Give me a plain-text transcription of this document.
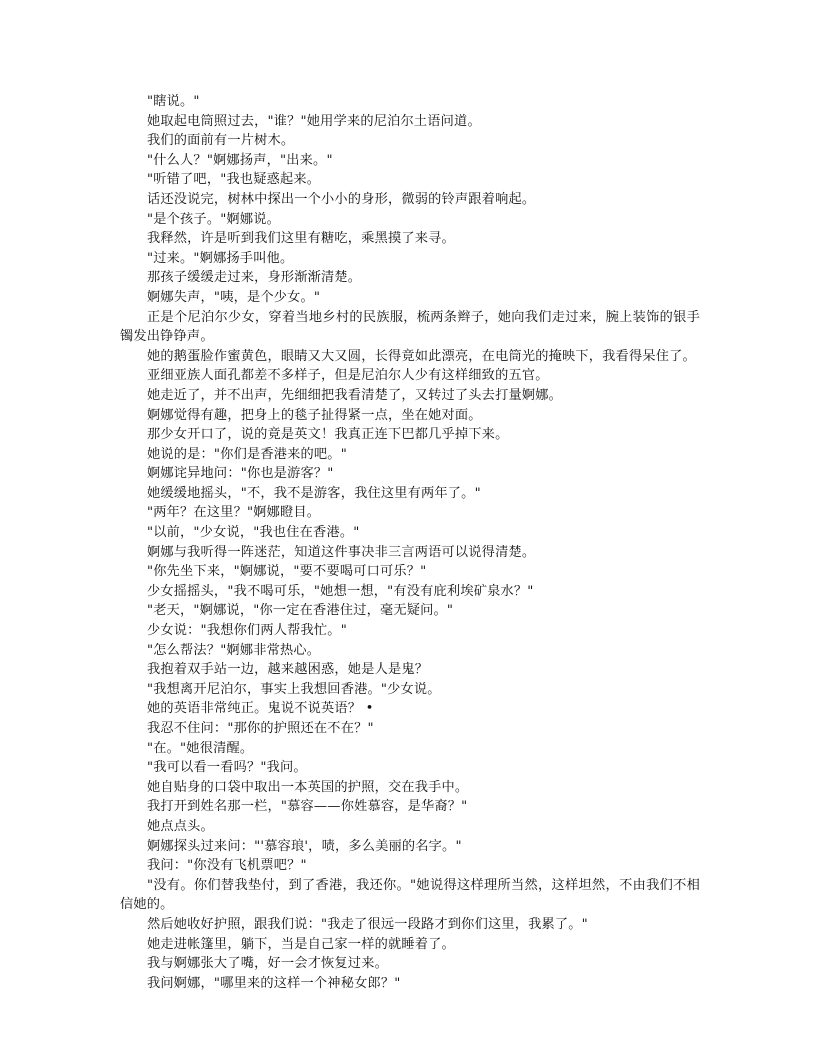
"瞎说。"

她取起电筒照过去，"谁？"她用学来的尼泊尔土语问道。

我们的面前有一片树木。

"什么人？"婀娜扬声，"出来。"

"听错了吧，"我也疑惑起来。

话还没说完，树林中探出一个小小的身形，微弱的铃声跟着响起。

"是个孩子。"婀娜说。

我释然，许是听到我们这里有糖吃，乘黑摸了来寻。

"过来。"婀娜扬手叫他。

那孩子缓缓走过来，身形渐渐清楚。

婀娜失声，"咦，是个少女。"

正是个尼泊尔少女，穿着当地乡村的民族服，梳两条辫子，她向我们走过来，腕上装饰的银手镯发出铮铮声。

她的鹅蛋脸作蜜黄色，眼睛又大又圆，长得竟如此漂亮，在电筒光的掩映下，我看得呆住了。

亚细亚族人面孔都差不多样子，但是尼泊尔人少有这样细致的五官。

她走近了，并不出声，先细细把我看清楚了，又转过了头去打量婀娜。

婀娜觉得有趣，把身上的毯子扯得紧一点，坐在她对面。

那少女开口了，说的竟是英文！我真正连下巴都几乎掉下来。

她说的是："你们是香港来的吧。"

婀娜诧异地问："你也是游客？"

她缓缓地摇头，"不，我不是游客，我住这里有两年了。"

"两年？在这里？"婀娜瞪目。

"以前，"少女说，"我也住在香港。"

婀娜与我听得一阵迷茫，知道这件事决非三言两语可以说得清楚。

"你先坐下来，"婀娜说，"要不要喝可口可乐？"

少女摇摇头，"我不喝可乐，"她想一想，"有没有庇利埃矿泉水？"

"老天，"婀娜说，"你一定在香港住过，毫无疑问。"

少女说："我想你们两人帮我忙。"

"怎么帮法？"婀娜非常热心。

我抱着双手站一边，越来越困惑，她是人是鬼？

"我想离开尼泊尔，事实上我想回香港。"少女说。

她的英语非常纯正。鬼说不说英语？ •

我忍不住问："那你的护照还在不在？"

"在。"她很清醒。

"我可以看一看吗？"我问。

她自贴身的口袋中取出一本英国的护照，交在我手中。

我打开到姓名那一栏，"慕容——你姓慕容，是华裔？"

她点点头。

婀娜探头过来问："'慕容琅'，啧，多么美丽的名字。"

我问："你没有飞机票吧？"

"没有。你们替我垫付，到了香港，我还你。"她说得这样理所当然，这样坦然，不由我们不相信她的。

然后她收好护照，跟我们说："我走了很远一段路才到你们这里，我累了。"

她走进帐篷里，躺下，当是自己家一样的就睡着了。

我与婀娜张大了嘴，好一会才恢复过来。

我问婀娜，"哪里来的这样一个神秘女郎？"
